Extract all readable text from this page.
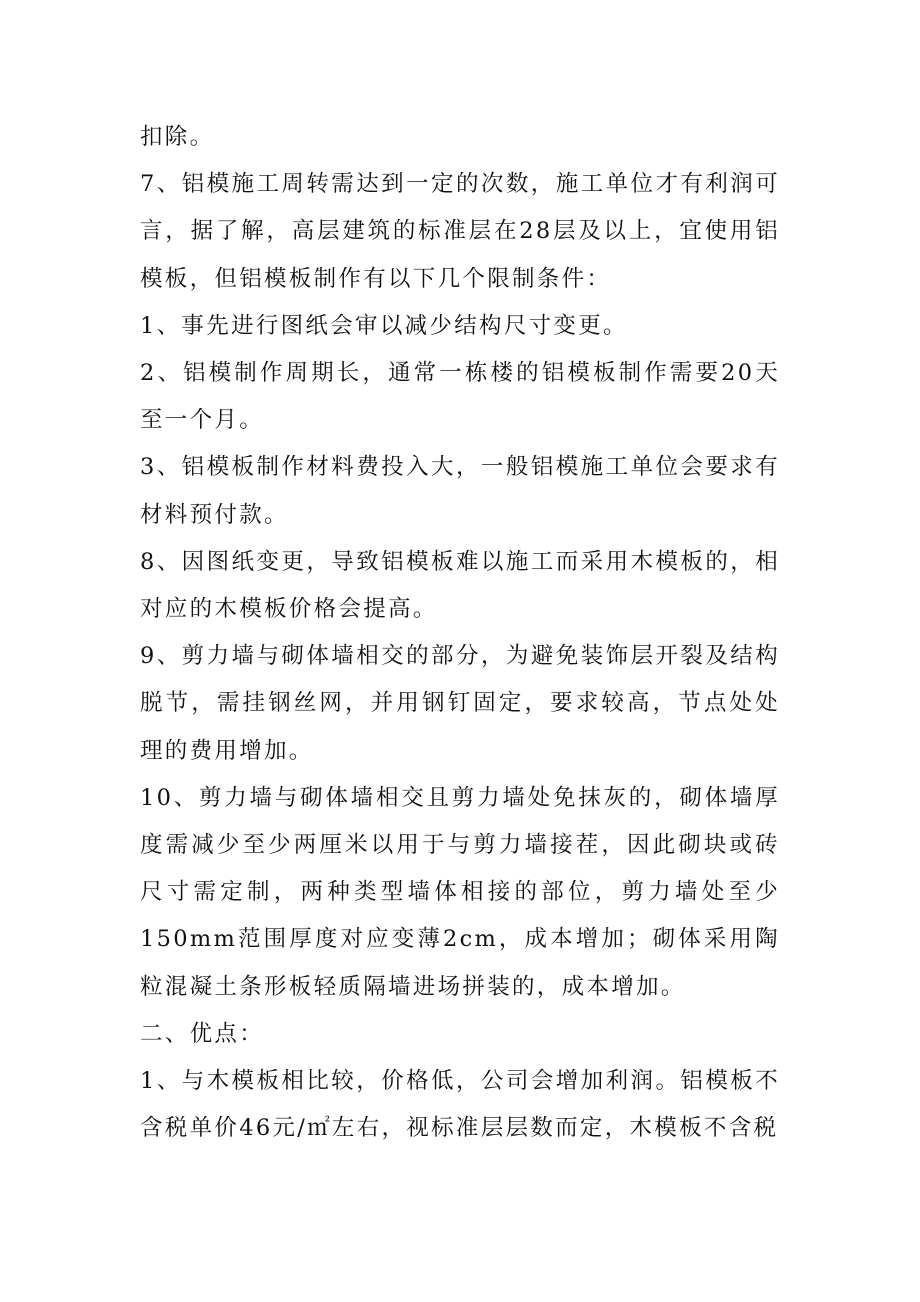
扣除。

7、铝模施工周转需达到一定的次数，施工单位才有利润可言，据了解，高层建筑的标准层在28层及以上，宜使用铝模板，但铝模板制作有以下几个限制条件：

1、事先进行图纸会审以减少结构尺寸变更。

2、铝模制作周期长，通常一栋楼的铝模板制作需要20天至一个月。

3、铝模板制作材料费投入大，一般铝模施工单位会要求有材料预付款。

8、因图纸变更，导致铝模板难以施工而采用木模板的，相对应的木模板价格会提高。

9、剪力墙与砌体墙相交的部分，为避免装饰层开裂及结构脱节，需挂钢丝网，并用钢钉固定，要求较高，节点处处理的费用增加。

10、剪力墙与砌体墙相交且剪力墙处免抹灰的，砌体墙厚度需减少至少两厘米以用于与剪力墙接茬，因此砌块或砖尺寸需定制，两种类型墙体相接的部位，剪力墙处至少150mm范围厚度对应变薄2cm，成本增加；砌体采用陶粒混凝土条形板轻质隔墙进场拼装的，成本增加。

二、优点：

1、与木模板相比较，价格低，公司会增加利润。铝模板不含税单价46元/㎡左右，视标准层层数而定，木模板不含税
